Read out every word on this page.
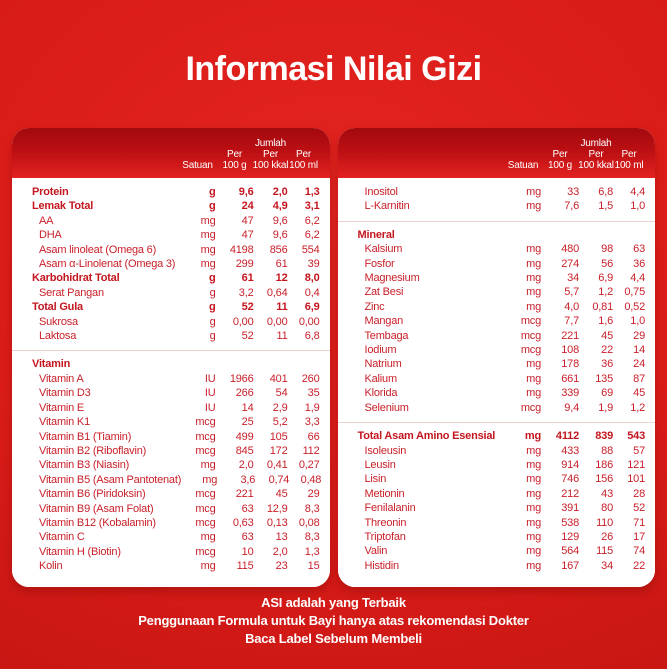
Informasi Nilai Gizi
Satuan
Per
100 g
Jumlah
Per
100 kkal
Per
100 ml
Protein	g	9,6	2,0	1,3
Lemak Total	g	24	4,9	3,1
AA	mg	47	9,6	6,2
DHA	mg	47	9,6	6,2
Asam linoleat (Omega 6)	mg	4198	856	554
Asam α-Linolenat (Omega 3)	mg	299	61	39
Karbohidrat Total	g	61	12	8,0
Serat Pangan	g	3,2	0,64	0,4
Total Gula	g	52	11	6,9
Sukrosa	g	0,00	0,00	0,00
Laktosa	g	52	11	6,8
Vitamin
Vitamin A	IU	1966	401	260
Vitamin D3	IU	266	54	35
Vitamin E	IU	14	2,9	1,9
Vitamin K1	mcg	25	5,2	3,3
Vitamin B1 (Tiamin)	mcg	499	105	66
Vitamin B2 (Riboflavin)	mcg	845	172	112
Vitamin B3 (Niasin)	mg	2,0	0,41	0,27
Vitamin B5 (Asam Pantotenat)	mg	3,6	0,74	0,48
Vitamin B6 (Piridoksin)	mcg	221	45	29
Vitamin B9 (Asam Folat)	mcg	63	12,9	8,3
Vitamin B12 (Kobalamin)	mcg	0,63	0,13	0,08
Vitamin C	mg	63	13	8,3
Vitamin H (Biotin)	mcg	10	2,0	1,3
Kolin	mg	115	23	15
Satuan
Per
100 g
Jumlah
Per
100 kkal
Per
100 ml
Inositol	mg	33	6,8	4,4
L-Karnitin	mg	7,6	1,5	1,0
Mineral
Kalsium	mg	480	98	63
Fosfor	mg	274	56	36
Magnesium	mg	34	6,9	4,4
Zat Besi	mg	5,7	1,2	0,75
Zinc	mg	4,0	0,81	0,52
Mangan	mcg	7,7	1,6	1,0
Tembaga	mcg	221	45	29
Iodium	mcg	108	22	14
Natrium	mg	178	36	24
Kalium	mg	661	135	87
Klorida	mg	339	69	45
Selenium	mcg	9,4	1,9	1,2
Total Asam Amino Esensial	mg	4112	839	543
Isoleusin	mg	433	88	57
Leusin	mg	914	186	121
Lisin	mg	746	156	101
Metionin	mg	212	43	28
Fenilalanin	mg	391	80	52
Threonin	mg	538	110	71
Triptofan	mg	129	26	17
Valin	mg	564	115	74
Histidin	mg	167	34	22
ASI adalah yang Terbaik
Penggunaan Formula untuk Bayi hanya atas rekomendasi Dokter
Baca Label Sebelum Membeli
